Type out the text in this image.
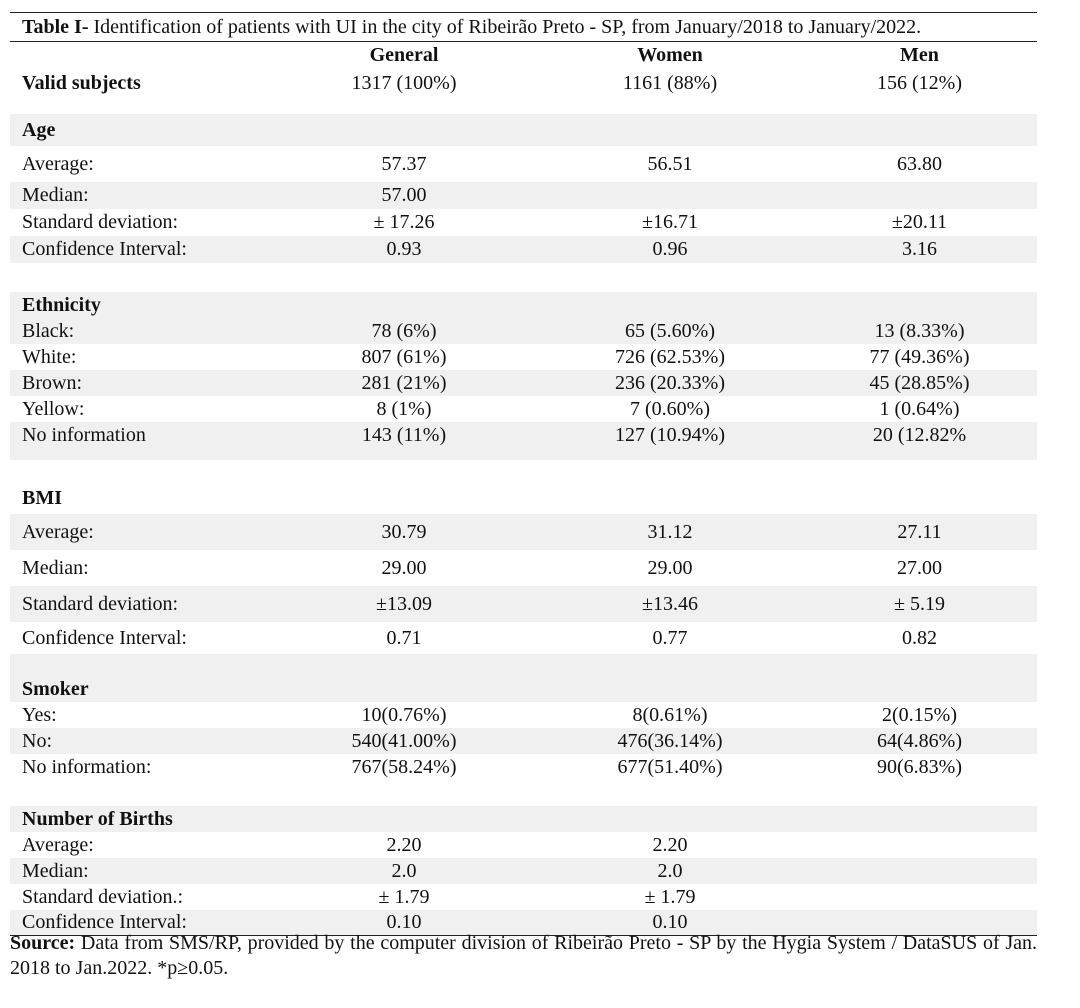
Table I- Identification of patients with UI in the city of Ribeirão Preto - SP, from January/2018 to January/2022.
	General	Women	Men
Valid subjects	1317 (100%)	1161 (88%)	156 (12%)

Age			
Average:	57.37	56.51	63.80
Median:	57.00		
Standard deviation:	± 17.26	±16.71	±20.11
Confidence Interval:	0.93	0.96	3.16

Ethnicity			
Black:	78 (6%)	65 (5.60%)	13 (8.33%)
White:	807 (61%)	726 (62.53%)	77 (49.36%)
Brown:	281 (21%)	236 (20.33%)	45 (28.85%)
Yellow:	8 (1%)	7 (0.60%)	1 (0.64%)
No information	143 (11%)	127 (10.94%)	20 (12.82%

BMI			
Average:	30.79	31.12	27.11
Median:	29.00	29.00	27.00
Standard deviation:	±13.09	±13.46	± 5.19
Confidence Interval:	0.71	0.77	0.82

Smoker			
Yes:	10(0.76%)	8(0.61%)	2(0.15%)
No:	540(41.00%)	476(36.14%)	64(4.86%)
No information:	767(58.24%)	677(51.40%)	90(6.83%)

Number of Births			
Average:	2.20	2.20	
Median:	2.0	2.0	
Standard deviation.:	± 1.79	± 1.79	
Confidence Interval:	0.10	0.10	
Source: Data from SMS/RP, provided by the computer division of Ribeirão Preto - SP by the Hygia System / DataSUS of Jan. 2018 to Jan.2022. *p≥0.05.
